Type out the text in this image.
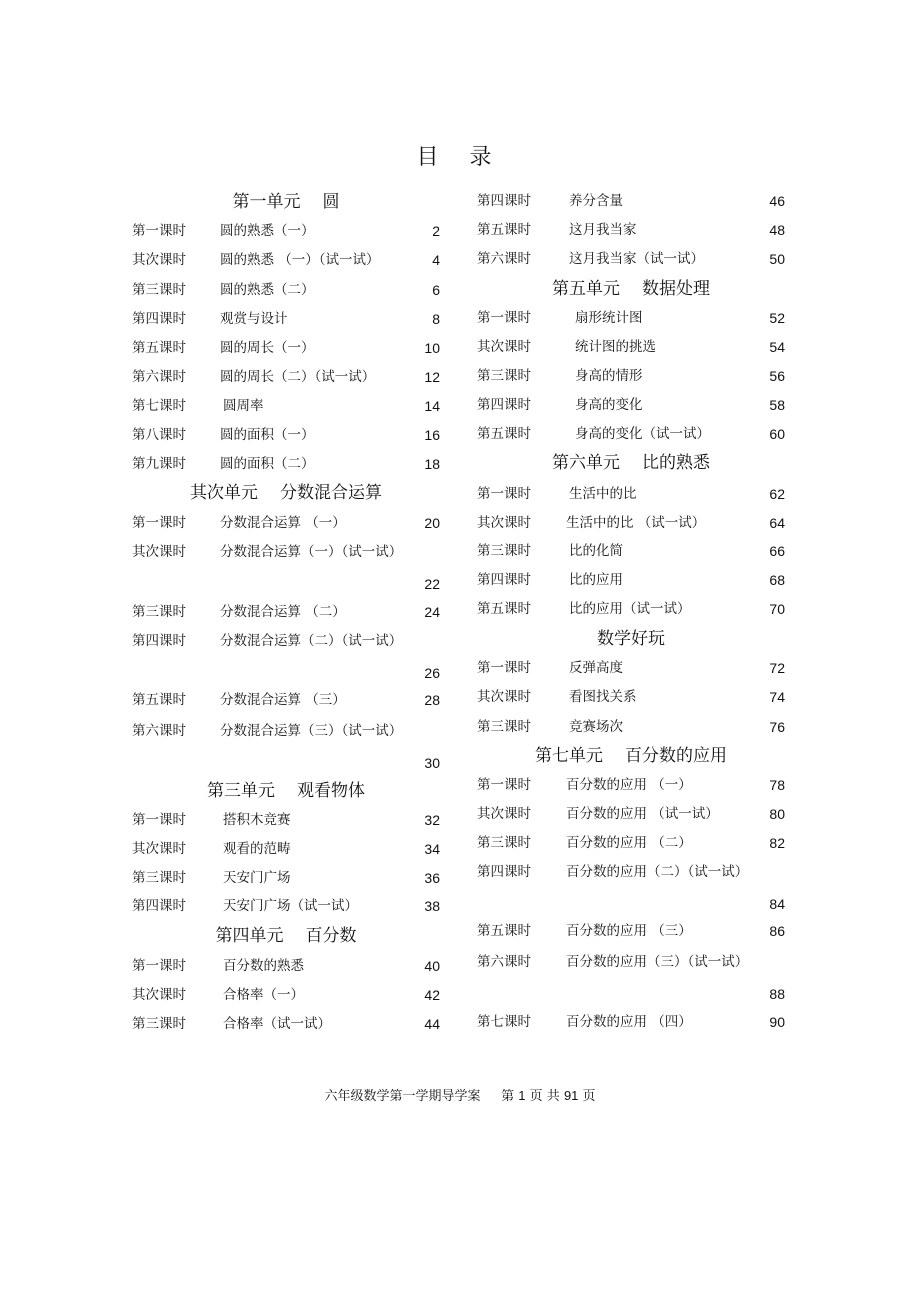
目 录
第一单元 圆
第一课时	圆的熟悉（一）	2
其次课时	圆的熟悉 （一）（试一试）	4
第三课时	圆的熟悉（二）	6
第四课时	观赏与设计	8
第五课时	圆的周长（一）	10
第六课时	圆的周长（二）（试一试）	12
第七课时	圆周率	14
第八课时	圆的面积（一）	16
第九课时	圆的面积（二）	18
其次单元 分数混合运算
第一课时	分数混合运算 （一）	20
其次课时	分数混合运算（一）（试一试）
22
第三课时	分数混合运算 （二）	24
第四课时	分数混合运算（二）（试一试）
26
第五课时	分数混合运算 （三）	28
第六课时	分数混合运算（三）（试一试）
30
第三单元 观看物体
第一课时	搭积木竞赛	32
其次课时	观看的范畴	34
第三课时	天安门广场	36
第四课时	天安门广场（试一试）	38
第四单元 百分数
第一课时	百分数的熟悉	40
其次课时	合格率（一）	42
第三课时	合格率（试一试）	44
第四课时	养分含量	46
第五课时	这月我当家	48
第六课时	这月我当家（试一试）	50
第五单元 数据处理
第一课时	扇形统计图	52
其次课时	统计图的挑选	54
第三课时	身高的情形	56
第四课时	身高的变化	58
第五课时	身高的变化（试一试）	60
第六单元 比的熟悉
第一课时	生活中的比	62
其次课时	生活中的比 （试一试）	64
第三课时	比的化简	66
第四课时	比的应用	68
第五课时	比的应用（试一试）	70
数学好玩
第一课时	反弹高度	72
其次课时	看图找关系	74
第三课时	竞赛场次	76
第七单元 百分数的应用
第一课时	百分数的应用 （一）	78
其次课时	百分数的应用 （试一试）	80
第三课时	百分数的应用 （二）	82
第四课时	百分数的应用（二）（试一试）
84
第五课时	百分数的应用 （三）	86
第六课时	百分数的应用（三）（试一试）
88
第七课时	百分数的应用 （四）	90
六年级数学第一学期导学案 第 1 页 共 91 页
